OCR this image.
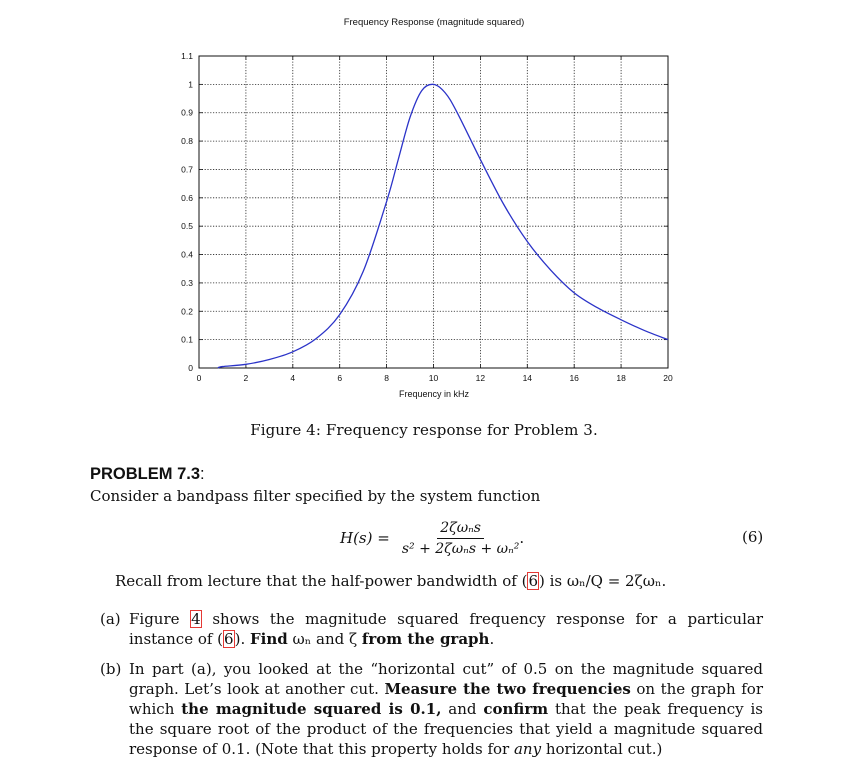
Frequency Response (magnitude squared)
0	2	4	6	8	10	12	14	16	18	20
0
0.1
0.2
0.3
0.4
0.5
0.6
0.7
0.8
0.9
1
1.1
Frequency in kHz
Figure 4: Frequency response for Problem 3.
PROBLEM 7.3:
Consider a bandpass filter specified by the system function
$H(s) = \frac{\text{2ζωₙs}}{\text{s² + 2ζωₙs + ωₙ²}}$ .	(6)
Recall from lecture that the half-power bandwidth of (6) is ωₙ/Q = 2ζωₙ.
(a) Figure 4 shows the magnitude squared frequency response for a particular instance of (6). Find ωₙ and ζ from the graph.
(b) In part (a), you looked at the “horizontal cut” of 0.5 on the magnitude squared graph. Let’s look at another cut. Measure the two frequencies on the graph for which the magnitude squared is 0.1, and confirm that the peak frequency is the square root of the product of the frequencies that yield a magnitude squared response of 0.1. (Note that this property holds for any horizontal cut.)
